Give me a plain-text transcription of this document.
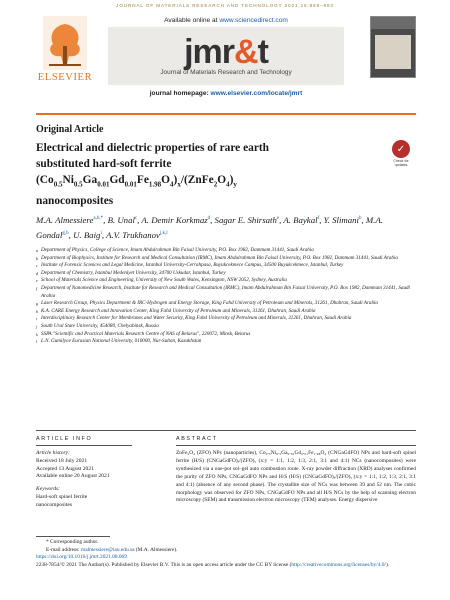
JOURNAL OF MATERIALS RESEARCH AND TECHNOLOGY 2021;15:968–983
ELSEVIER
Available online at www.sciencedirect.com
jmr&t
Journal of Materials Research and Technology
journal homepage: www.elsevier.com/locate/jmrt
Original Article
Electrical and dielectric properties of rare earth
substituted hard-soft ferrite
$(Co_{0.5}Ni_{0.5}Ga_{0.01}Gd_{0.01}Fe_{1.98}O_4)_x/(ZnFe_2O_4)_y$
nanocomposites
✓
Check for updates
M.A. Almessiere$^{a,b,*}$, B. Unal$^c$, A. Demir Korkmaz$^d$, Sagar E. Shirsath$^e$, A. Baykal$^f$, Y. Slimani$^b$, M.A. Gondal$^{g,h}$, U. Baig$^i$, A.V. Trukhanov$^{j,k,l}$
a Department of Physics, College of Science, Imam Abdulrahman Bin Faisal University, P.O. Box 1982, Dammam 31441, Saudi Arabia
b Department of Biophysics, Institute for Research and Medical Consultation (IRMC), Imam Abdulrahman Bin Faisal University, P.O. Box 1982, Dammam 31441, Saudi Arabia
c Institute of Forensic Sciences and Legal Medicine, Istanbul University-Cerrahpasa, Buyukcekmece Campus, 34500 Buyukcekmece, Istanbul, Turkey
d Department of Chemistry, Istanbul Medeniyet University, 34700 Uskudar, Istanbul, Turkey
e School of Materials Science and Engineering, University of New South Wales, Kensington, NSW 2052, Sydney, Australia
f Department of Nanomedicine Research, Institute for Research and Medical Consultation (IRMC), Imam Abdulrahman Bin Faisal University, P.O. Box 1982, Dammam 31441, Saudi Arabia
g Laser Research Group, Physics Department & IRC-Hydrogen and Energy Storage, King Fahd University of Petroleum and Minerals, 31261, Dhahran, Saudi Arabia
h K.A. CARE Energy Research and Innovation Center, King Fahd University of Petroleum and Minerals, 31261, Dhahran, Saudi Arabia
i Interdisciplinary Research Center for Membranes and Water Security, King Fahd University of Petroleum and Minerals, 31261, Dhahran, Saudi Arabia
j South Ural State University, 454080, Chelyabinsk, Russia
k SSPA "Scientific and Practical Materials Research Centre of NAS of Belarus", 220072, Minsk, Belarus
l L.N. Gumilyov Eurasian National University, 010000, Nur-Sultan, Kazakhstan
ARTICLE INFO
Article history:
Received 18 July 2021
Accepted 13 August 2021
Available online 20 August 2021
Keywords:
Hard-soft spinel ferrite
nanocomposites
ABSTRACT
ZnFe₂O₄ (ZFO) NPs (nanoparticles), Co₀.₅Ni₀.₅Ga₀.₀₁Gd₀.₀₁Fe₁.₉₈O₄ (CNGaGdFO) NPs and hard-soft spinel ferrite (H/S) (CNGaGdFO)ₓ/(ZFO)ᵧ (x:y = 1:1, 1:2, 1:3, 2:1, 3:1 and 4:1) NCs (nanocomposites) were synthesized via a one-pot sol–gel auto combustion route. X-ray powder diffraction (XRD) analyses confirmed the purity of ZFO NPs, CNGaGdFO NPs and H/S (H/S) (CNGaGdFO)ₓ/(ZFO)ᵧ (x:y = 1:1, 1:2, 1:3, 2:1, 3:1 and 4:1) (absence of any second phase). The crystallite size of NCs was between 39 and 52 nm. The cubic morphology was observed for ZFO NPs, CNGaGdFO NPs and all H/S NCs by the help of scanning electron microscopy (SEM) and transmission electron microscopy (TEM) analyses. Energy dispersive
* Corresponding author.
E-mail address: malmessiere@iau.edu.sa (M.A. Almessiere).
https://doi.org/10.1016/j.jmrt.2021.08.069
2238-7854/© 2021 The Author(s). Published by Elsevier B.V. This is an open access article under the CC BY license (http://creativecommons.org/licenses/by/4.0/).
